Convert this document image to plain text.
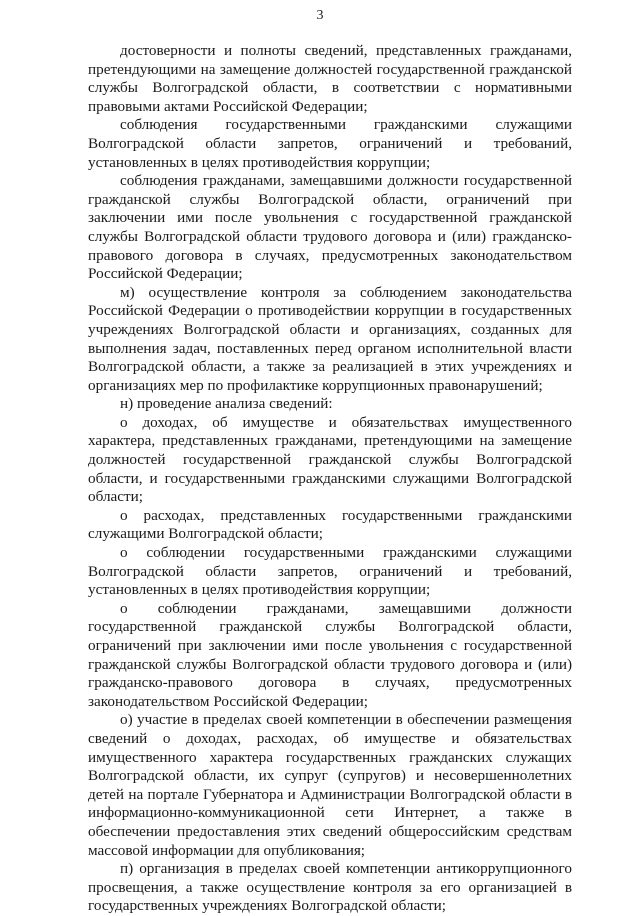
3

достоверности и полноты сведений, представленных гражданами, претендующими на замещение должностей государственной гражданской службы Волгоградской области, в соответствии с нормативными правовыми актами Российской Федерации;

соблюдения государственными гражданскими служащими Волгоградской области запретов, ограничений и требований, установленных в целях противодействия коррупции;

соблюдения гражданами, замещавшими должности государственной гражданской службы Волгоградской области, ограничений при заключении ими после увольнения с государственной гражданской службы Волгоградской области трудового договора и (или) гражданско-правового договора в случаях, предусмотренных законодательством Российской Федерации;

м) осуществление контроля за соблюдением законодательства Российской Федерации о противодействии коррупции в государственных учреждениях Волгоградской области и организациях, созданных для выполнения задач, поставленных перед органом исполнительной власти Волгоградской области, а также за реализацией в этих учреждениях и организациях мер по профилактике коррупционных правонарушений;

н) проведение анализа сведений:

о доходах, об имуществе и обязательствах имущественного характера, представленных гражданами, претендующими на замещение должностей государственной гражданской службы Волгоградской области, и государственными гражданскими служащими Волгоградской области;

о расходах, представленных государственными гражданскими служащими Волгоградской области;

о соблюдении государственными гражданскими служащими Волгоградской области запретов, ограничений и требований, установленных в целях противодействия коррупции;

о соблюдении гражданами, замещавшими должности государственной гражданской службы Волгоградской области, ограничений при заключении ими после увольнения с государственной гражданской службы Волгоградской области трудового договора и (или) гражданско-правового договора в случаях, предусмотренных законодательством Российской Федерации;

о) участие в пределах своей компетенции в обеспечении размещения сведений о доходах, расходах, об имуществе и обязательствах имущественного характера государственных гражданских служащих Волгоградской области, их супруг (супругов) и несовершеннолетних детей на портале Губернатора и Администрации Волгоградской области в информационно-коммуникационной сети Интернет, а также в обеспечении предоставления этих сведений общероссийским средствам массовой информации для опубликования;

п) организация в пределах своей компетенции антикоррупционного просвещения, а также осуществление контроля за его организацией в государственных учреждениях Волгоградской области;
